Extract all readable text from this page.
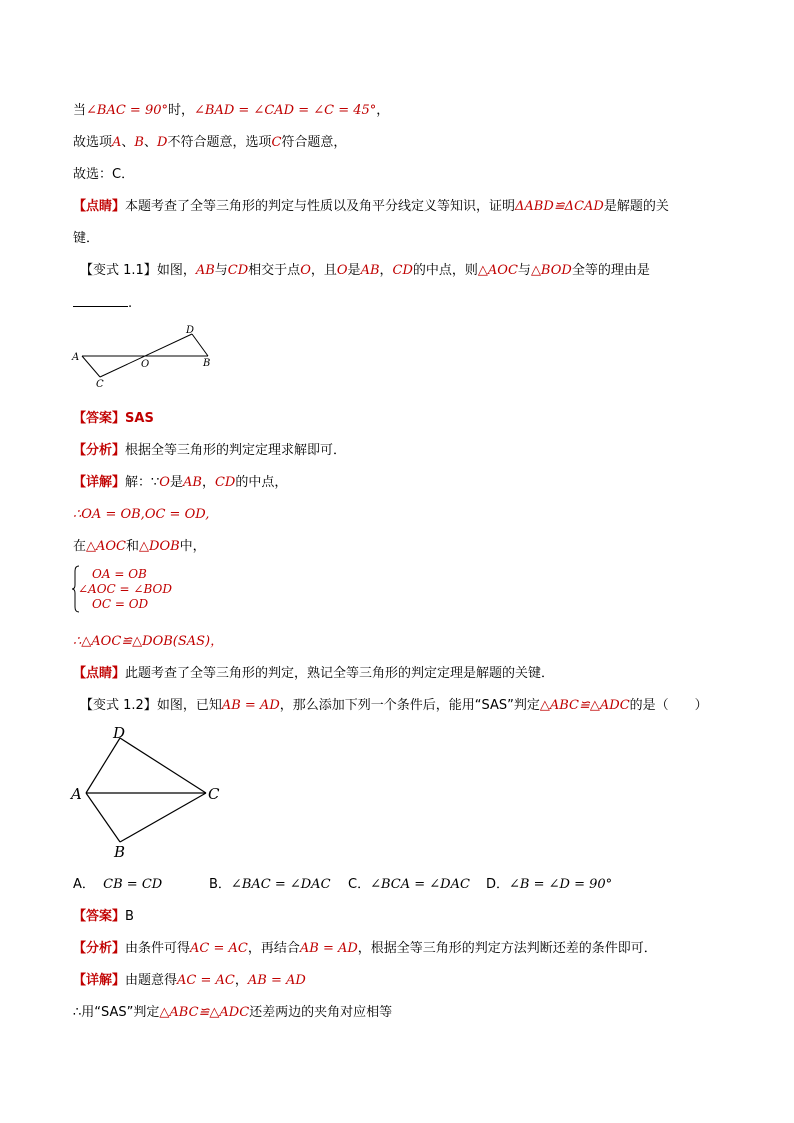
当∠BAC = 90°时，∠BAD = ∠CAD = ∠C = 45°，
故选项A、B、D不符合题意，选项C符合题意，
故选：C．
【点睛】本题考查了全等三角形的判定与性质以及角平分线定义等知识，证明ΔABD≌ΔCAD是解题的关
键．
【变式 1.1】如图，AB与CD相交于点O，且O是AB，CD的中点，则△AOC与△BOD全等的理由是
.
A
B
C
D
O
【答案】SAS
【分析】根据全等三角形的判定定理求解即可．
【详解】解：∵O是AB，CD的中点，
∴OA = OB,OC = OD,
在△AOC和△DOB中，
OA = OB
∠AOC = ∠BOD
OC = OD
∴△AOC≌△DOB(SAS)，
【点睛】此题考查了全等三角形的判定，熟记全等三角形的判定定理是解题的关键．
【变式 1.2】如图，已知AB = AD，那么添加下列一个条件后，能用“SAS”判定△ABC≌△ADC的是（　　）
D
A	C
B
A． CB = CD	B．∠BAC = ∠DAC C．∠BCA = ∠DAC D．∠B = ∠D = 90°
【答案】B
【分析】由条件可得AC = AC，再结合AB = AD，根据全等三角形的判定方法判断还差的条件即可．
【详解】由题意得AC = AC，AB = AD
∴用“SAS”判定△ABC≌△ADC还差两边的夹角对应相等
